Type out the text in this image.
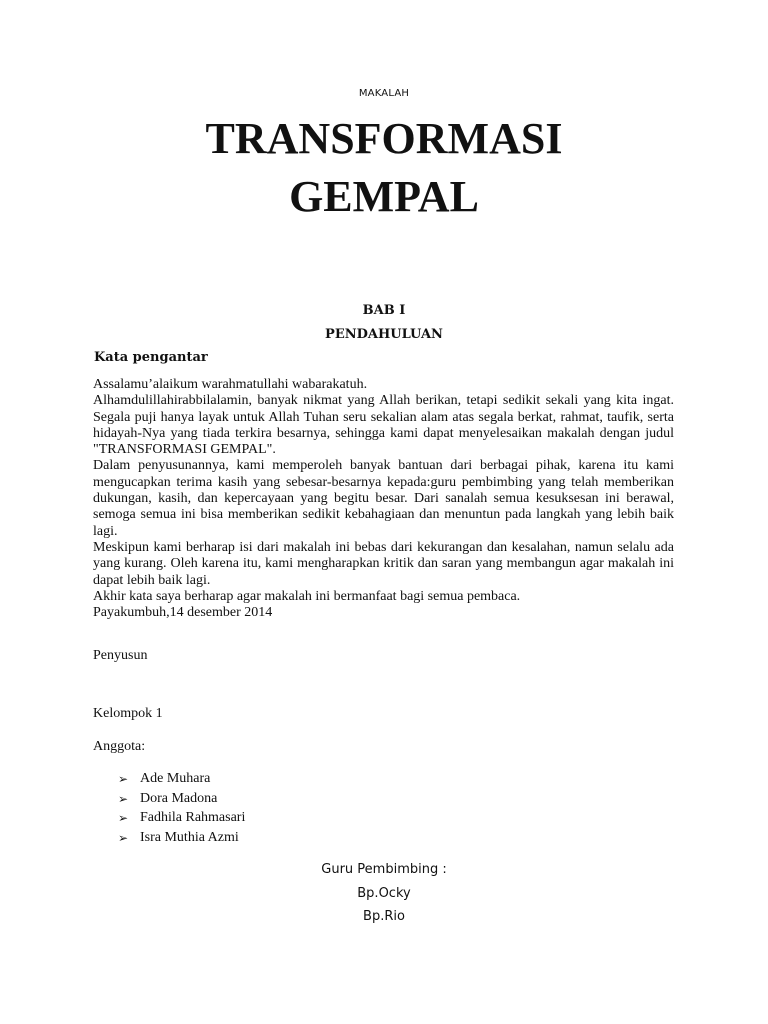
MAKALAH
TRANSFORMASI
GEMPAL
BAB I
PENDAHULUAN
Kata pengantar

Assalamu’alaikum warahmatullahi wabarakatuh.

Alhamdulillahirabbilalamin, banyak nikmat yang Allah berikan, tetapi sedikit sekali yang kita ingat. Segala puji hanya layak untuk Allah Tuhan seru sekalian alam atas segala berkat, rahmat, taufik, serta hidayah-Nya yang tiada terkira besarnya, sehingga kami dapat menyelesaikan makalah dengan judul "TRANSFORMASI GEMPAL".

Dalam penyusunannya, kami memperoleh banyak bantuan dari berbagai pihak, karena itu kami mengucapkan terima kasih yang sebesar-besarnya kepada:guru pembimbing yang telah memberikan dukungan, kasih, dan kepercayaan yang begitu besar. Dari sanalah semua kesuksesan ini berawal, semoga semua ini bisa memberikan sedikit kebahagiaan dan menuntun pada langkah yang lebih baik lagi.

Meskipun kami berharap isi dari makalah ini bebas dari kekurangan dan kesalahan, namun selalu ada yang kurang. Oleh karena itu, kami mengharapkan kritik dan saran yang membangun agar makalah ini dapat lebih baik lagi.

Akhir kata saya berharap agar makalah ini bermanfaat bagi semua pembaca.

Payakumbuh,14 desember 2014

Penyusun
Kelompok 1
Anggota:
➢ Ade Muhara
➢ Dora Madona
➢ Fadhila Rahmasari
➢ Isra Muthia Azmi
Guru Pembimbing :
Bp.Ocky
Bp.Rio
